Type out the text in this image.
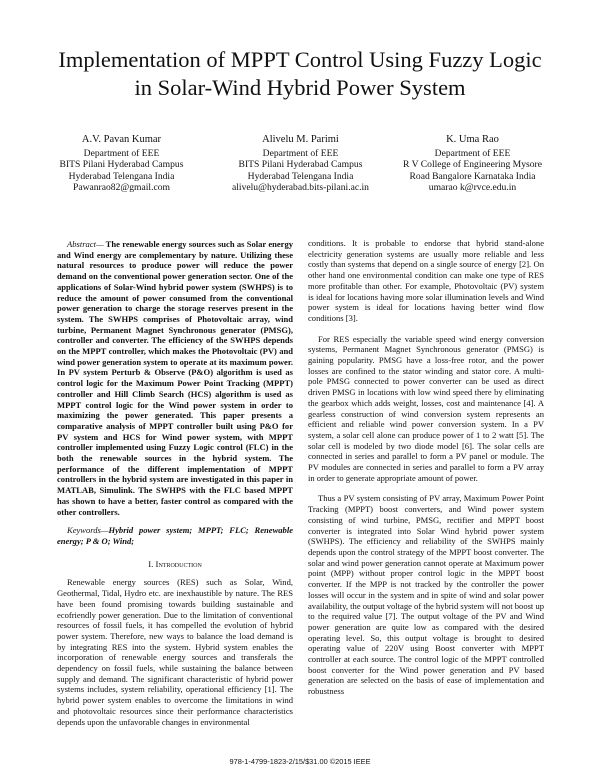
Implementation of MPPT Control Using Fuzzy Logic
in Solar-Wind Hybrid Power System
A.V. Pavan Kumar
Department of EEE
BITS Pilani Hyderabad Campus
Hyderabad Telengana India
Pawanrao82@gmail.com
Alivelu M. Parimi
Department of EEE
BITS Pilani Hyderabad Campus
Hyderabad Telengana India
alivelu@hyderabad.bits-pilani.ac.in
K. Uma Rao
Department of EEE
R V College of Engineering Mysore
Road Bangalore Karnataka India
umarao k@rvce.edu.in

Abstract— The renewable energy sources such as Solar energy and Wind energy are complementary by nature. Utilizing these natural resources to produce power will reduce the power demand on the conventional power generation sector. One of the applications of Solar-Wind hybrid power system (SWHPS) is to reduce the amount of power consumed from the conventional power generation to charge the storage reserves present in the system. The SWHPS comprises of Photovoltaic array, wind turbine, Permanent Magnet Synchronous generator (PMSG), controller and converter. The efficiency of the SWHPS depends on the MPPT controller, which makes the Photovoltaic (PV) and wind power generation system to operate at its maximum power. In PV system Perturb & Observe (P&O) algorithm is used as control logic for the Maximum Power Point Tracking (MPPT) controller and Hill Climb Search (HCS) algorithm is used as MPPT control logic for the Wind power system in order to maximizing the power generated. This paper presents a comparative analysis of MPPT controller built using P&O for PV system and HCS for Wind power system, with MPPT controller implemented using Fuzzy Logic control (FLC) in the both the renewable sources in the hybrid system. The performance of the different implementation of MPPT controllers in the hybrid system are investigated in this paper in MATLAB, Simulink. The SWHPS with the FLC based MPPT has shown to have a better, faster control as compared with the other controllers.

Keywords—Hybrid power system; MPPT; FLC; Renewable energy; P & O; Wind;

I. Introduction

Renewable energy sources (RES) such as Solar, Wind, Geothermal, Tidal, Hydro etc. are inexhaustible by nature. The RES have been found promising towards building sustainable and ecofriendly power generation. Due to the limitation of conventional resources of fossil fuels, it has compelled the evolution of hybrid power system. Therefore, new ways to balance the load demand is by integrating RES into the system. Hybrid system enables the incorporation of renewable energy sources and transferals the dependency on fossil fuels, while sustaining the balance between supply and demand. The significant characteristic of hybrid power systems includes, system reliability, operational efficiency [1]. The hybrid power system enables to overcome the limitations in wind and photovoltaic resources since their performance characteristics depends upon the unfavorable changes in environmental

conditions. It is probable to endorse that hybrid stand-alone electricity generation systems are usually more reliable and less costly than systems that depend on a single source of energy [2]. On other hand one environmental condition can make one type of RES more profitable than other. For example, Photovoltaic (PV) system is ideal for locations having more solar illumination levels and Wind power system is ideal for locations having better wind flow conditions [3].

For RES especially the variable speed wind energy conversion systems, Permanent Magnet Synchronous generator (PMSG) is gaining popularity. PMSG have a loss-free rotor, and the power losses are confined to the stator winding and stator core. A multi-pole PMSG connected to power converter can be used as direct driven PMSG in locations with low wind speed there by eliminating the gearbox which adds weight, losses, cost and maintenance [4]. A gearless construction of wind conversion system represents an efficient and reliable wind power conversion system. In a PV system, a solar cell alone can produce power of 1 to 2 watt [5]. The solar cell is modeled by two diode model [6]. The solar cells are connected in series and parallel to form a PV panel or module. The PV modules are connected in series and parallel to form a PV array in order to generate appropriate amount of power.

Thus a PV system consisting of PV array, Maximum Power Point Tracking (MPPT) boost converters, and Wind power system consisting of wind turbine, PMSG, rectifier and MPPT boost converter is integrated into Solar Wind hybrid power system (SWHPS). The efficiency and reliability of the SWHPS mainly depends upon the control strategy of the MPPT boost converter. The solar and wind power generation cannot operate at Maximum power point (MPP) without proper control logic in the MPPT boost converter. If the MPP is not tracked by the controller the power losses will occur in the system and in spite of wind and solar power availability, the output voltage of the hybrid system will not boost up to the required value [7]. The output voltage of the PV and Wind power generation are quite low as compared with the desired operating level. So, this output voltage is brought to desired operating value of 220V using Boost converter with MPPT controller at each source. The control logic of the MPPT controlled boost converter for the Wind power generation and PV based generation are selected on the basis of ease of implementation and robustness

978-1-4799-1823-2/15/$31.00 ©2015 IEEE
